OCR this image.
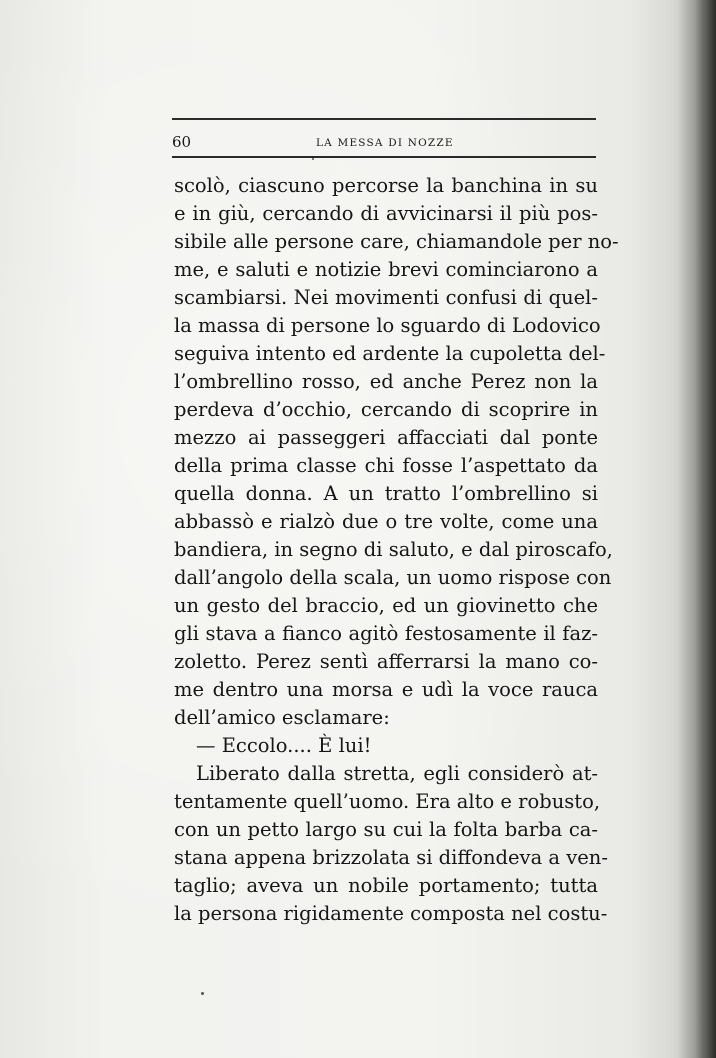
60	LA MESSA DI NOZZE
scolò, ciascuno percorse la banchina in su
e in giù, cercando di avvicinarsi il più pos-
sibile alle persone care, chiamandole per no-
me, e saluti e notizie brevi cominciarono a
scambiarsi. Nei movimenti confusi di quel-
la massa di persone lo sguardo di Lodovico
seguiva intento ed ardente la cupoletta del-
l’ombrellino rosso, ed anche Perez non la
perdeva d’occhio, cercando di scoprire in
mezzo ai passeggeri affacciati dal ponte
della prima classe chi fosse l’aspettato da
quella donna. A un tratto l’ombrellino si
abbassò e rialzò due o tre volte, come una
bandiera, in segno di saluto, e dal piroscafo,
dall’angolo della scala, un uomo rispose con
un gesto del braccio, ed un giovinetto che
gli stava a fianco agitò festosamente il faz-
zoletto. Perez sentì afferrarsi la mano co-
me dentro una morsa e udì la voce rauca
dell’amico esclamare:
— Eccolo.... È lui!
Liberato dalla stretta, egli considerò at-
tentamente quell’uomo. Era alto e robusto,
con un petto largo su cui la folta barba ca-
stana appena brizzolata si diffondeva a ven-
taglio; aveva un nobile portamento; tutta
la persona rigidamente composta nel costu-
